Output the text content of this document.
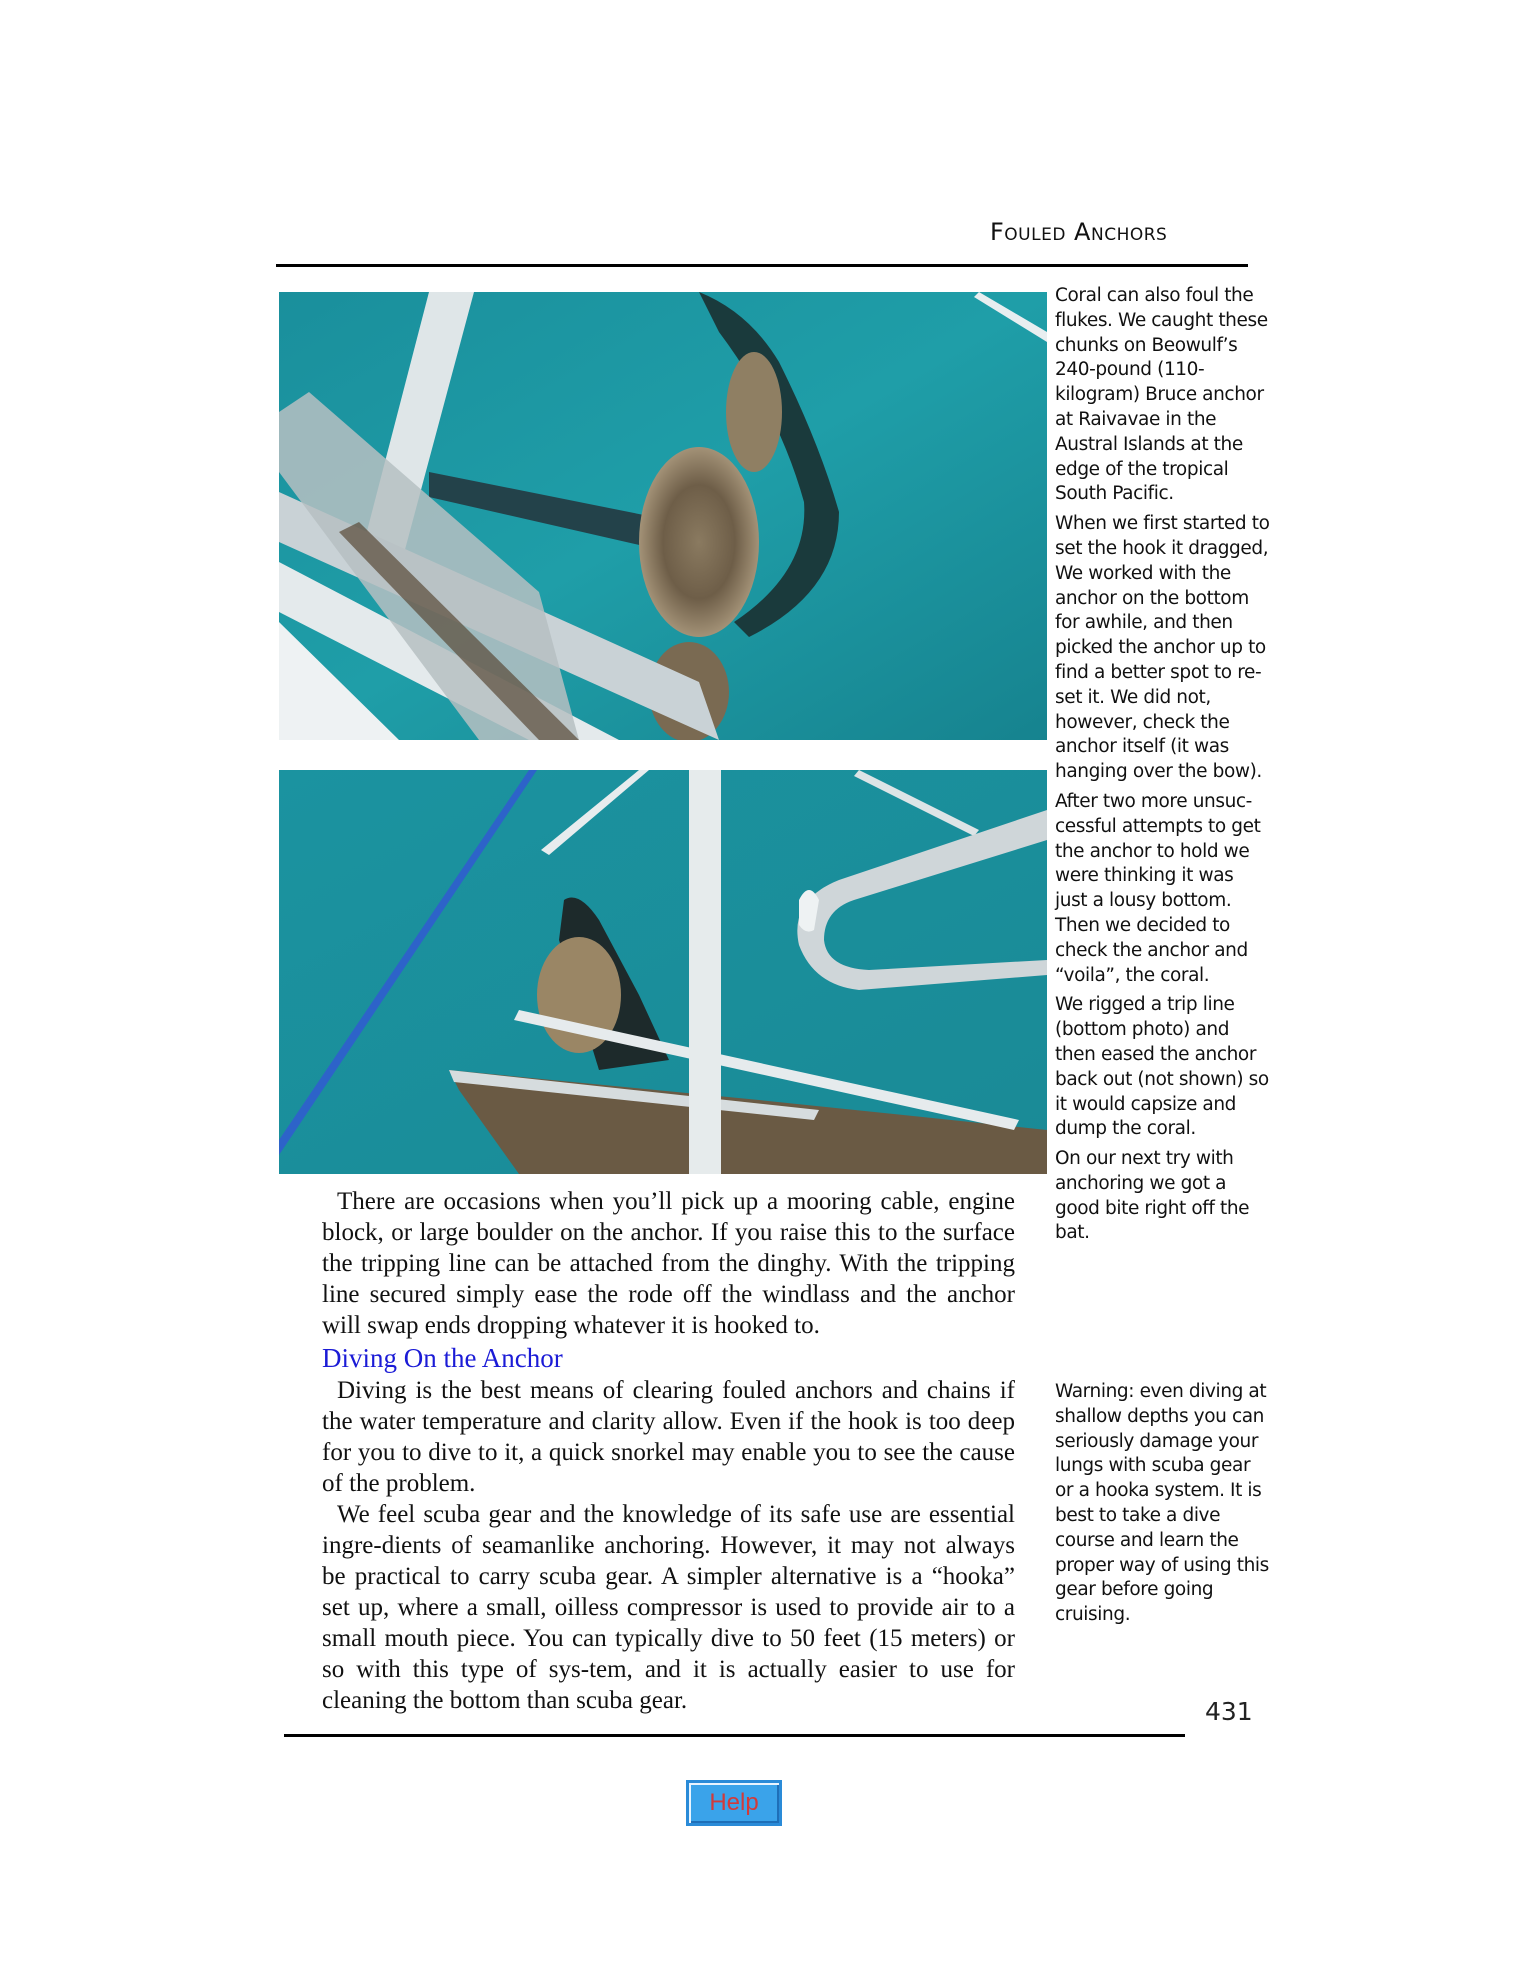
Fouled Anchors

Coral can also foul the flukes. We caught these chunks on Beowulf’s 240-pound (110-kilogram) Bruce anchor at Raivavae in the Austral Islands at the edge of the tropical South Pacific.

When we first started to set the hook it dragged, We worked with the anchor on the bottom for awhile, and then picked the anchor up to find a better spot to re-set it. We did not, however, check the anchor itself (it was hanging over the bow).

After two more unsuc-cessful attempts to get the anchor to hold we were thinking it was just a lousy bottom. Then we decided to check the anchor and “voila”, the coral.

We rigged a trip line (bottom photo) and then eased the anchor back out (not shown) so it would capsize and dump the coral.

On our next try with anchoring we got a good bite right off the bat.

Warning: even diving at shallow depths you can seriously damage your lungs with scuba gear or a hooka system. It is best to take a dive course and learn the proper way of using this gear before going cruising.

There are occasions when you’ll pick up a mooring cable, engine block, or large boulder on the anchor. If you raise this to the surface the tripping line can be attached from the dinghy. With the tripping line secured simply ease the rode off the windlass and the anchor will swap ends dropping whatever it is hooked to.

Diving On the Anchor

Diving is the best means of clearing fouled anchors and chains if the water temperature and clarity allow. Even if the hook is too deep for you to dive to it, a quick snorkel may enable you to see the cause of the problem.

We feel scuba gear and the knowledge of its safe use are essential ingre-dients of seamanlike anchoring. However, it may not always be practical to carry scuba gear. A simpler alternative is a “hooka” set up, where a small, oilless compressor is used to provide air to a small mouth piece. You can typically dive to 50 feet (15 meters) or so with this type of sys-tem, and it is actually easier to use for cleaning the bottom than scuba gear.	431
Help
